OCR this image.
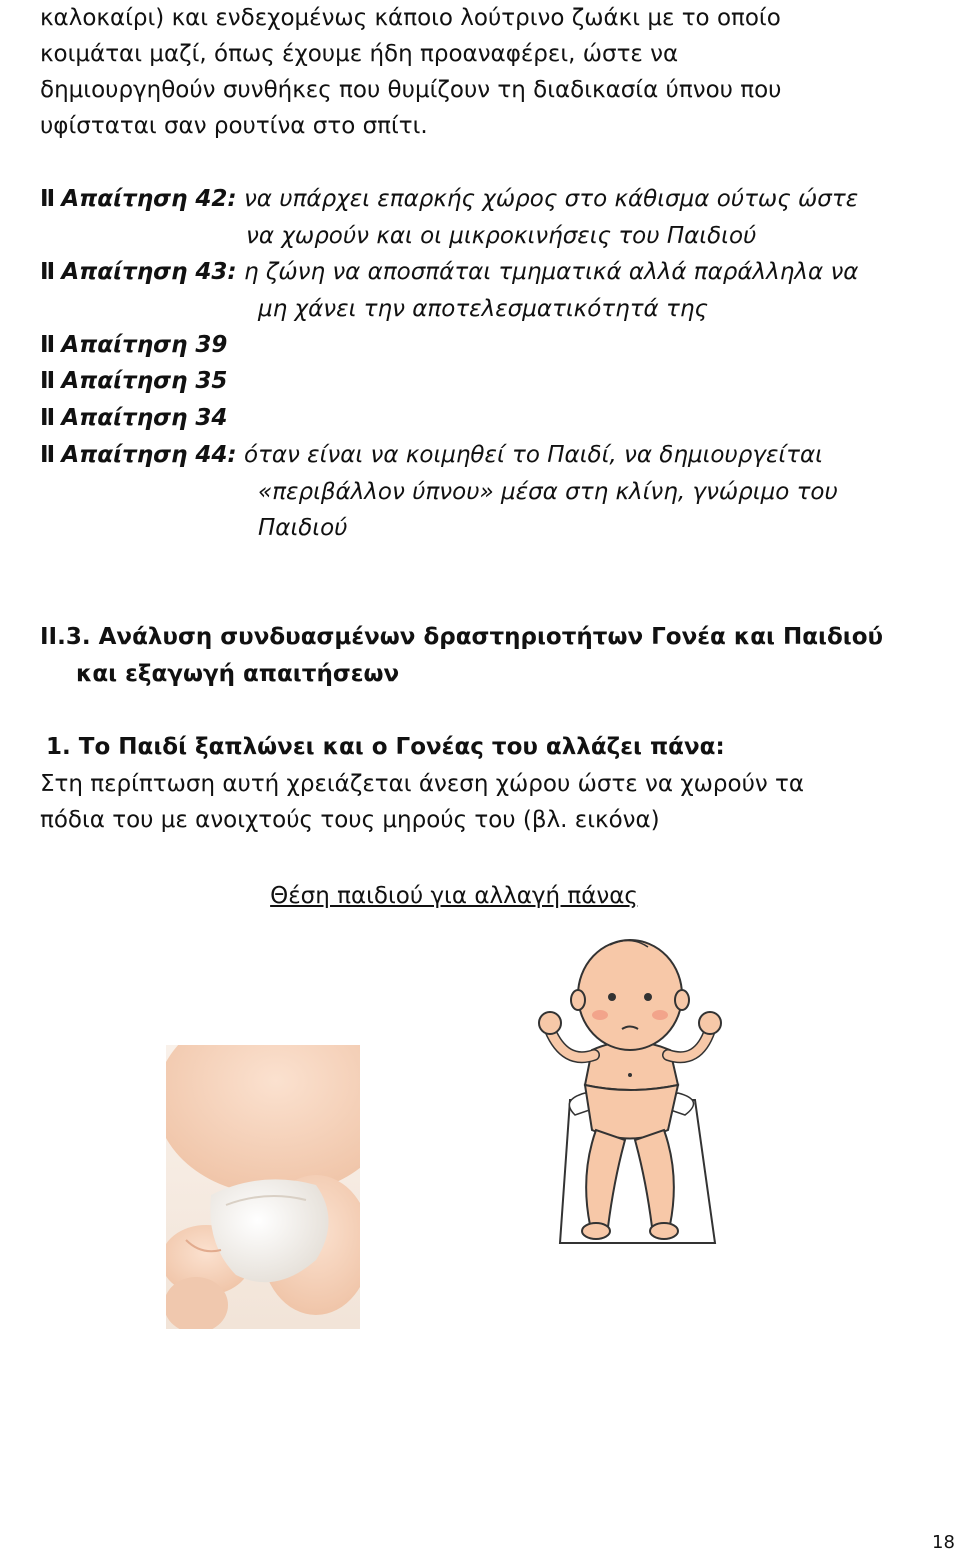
καλοκαίρι) και ενδεχομένως κάποιο λούτρινο ζωάκι με το οποίο
κοιμάται μαζί, όπως έχουμε ήδη προαναφέρει, ώστε να
δημιουργηθούν συνθήκες που θυμίζουν τη διαδικασία ύπνου που
υφίσταται σαν ρουτίνα στο σπίτι.

Ⅱ Απαίτηση 42: να υπάρχει επαρκής χώρος στο κάθισμα ούτως ώστε
να χωρούν και οι μικροκινήσεις του Παιδιού
Ⅱ Απαίτηση 43: η ζώνη να αποσπάται τμηματικά αλλά παράλληλα να
μη χάνει την αποτελεσματικότητά της
Ⅱ Απαίτηση 39
Ⅱ Απαίτηση 35
Ⅱ Απαίτηση 34
Ⅱ Απαίτηση 44: όταν είναι να κοιμηθεί το Παιδί, να δημιουργείται
«περιβάλλον ύπνου» μέσα στη κλίνη, γνώριμο του
Παιδιού
II.3. Ανάλυση συνδυασμένων δραστηριοτήτων Γονέα και Παιδιού
και εξαγωγή απαιτήσεων
1. Το Παιδί ξαπλώνει και ο Γονέας του αλλάζει πάνα:

Στη περίπτωση αυτή χρειάζεται άνεση χώρου ώστε να χωρούν τα
πόδια του με ανοιχτούς τους μηρούς του (βλ. εικόνα)

Θέση παιδιού για αλλαγή πάνας
18
